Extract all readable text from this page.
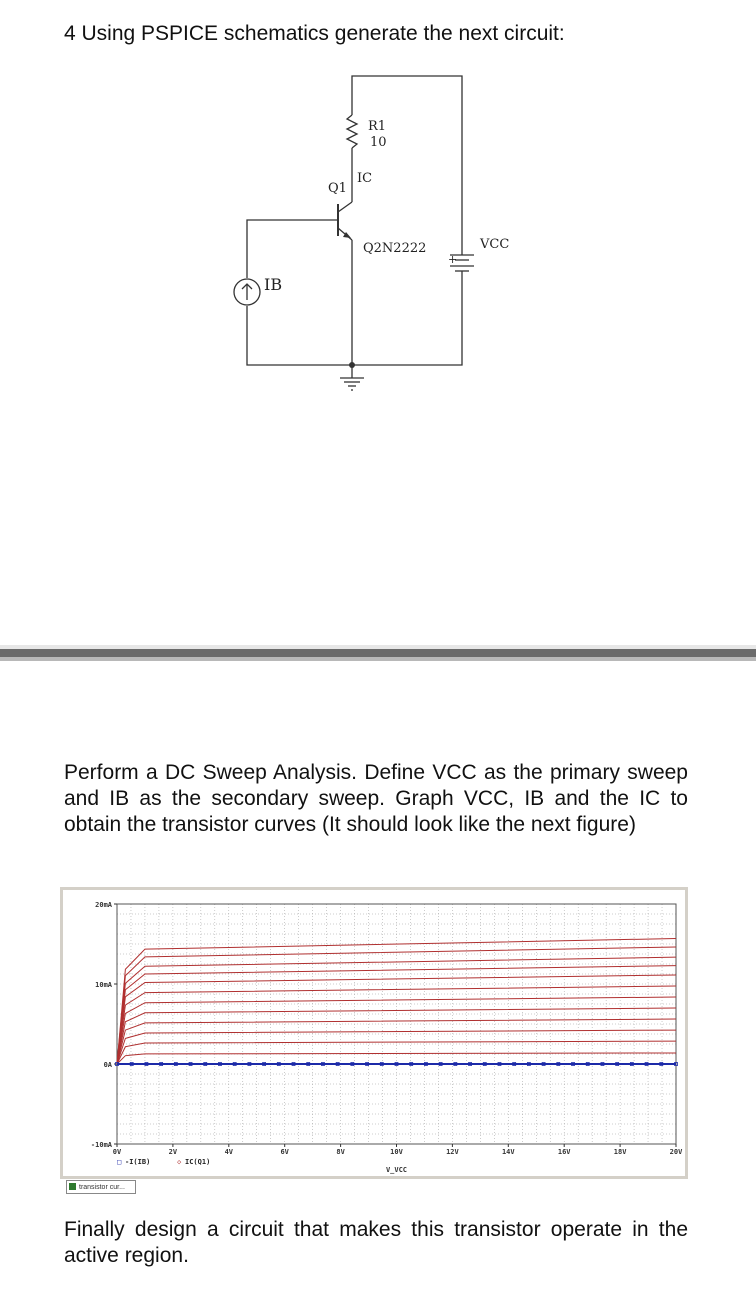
4 Using PSPICE schematics generate the next circuit:
R1
10
Q1
IC
Q2N2222
+
VCC
IB

Perform a DC Sweep Analysis. Define VCC as the primary sweep and IB as the secondary sweep. Graph VCC, IB and the IC to obtain the transistor curves (It should look like the next figure)

20mA
10mA
0A
-10mA
0V	2V	4V	6V	8V	10V	12V	14V	16V	18V	20V
V_VCC
□ -I(IB)	◇ IC(Q1)
transistor cur...

Finally design a circuit that makes this transistor operate in the active region.
